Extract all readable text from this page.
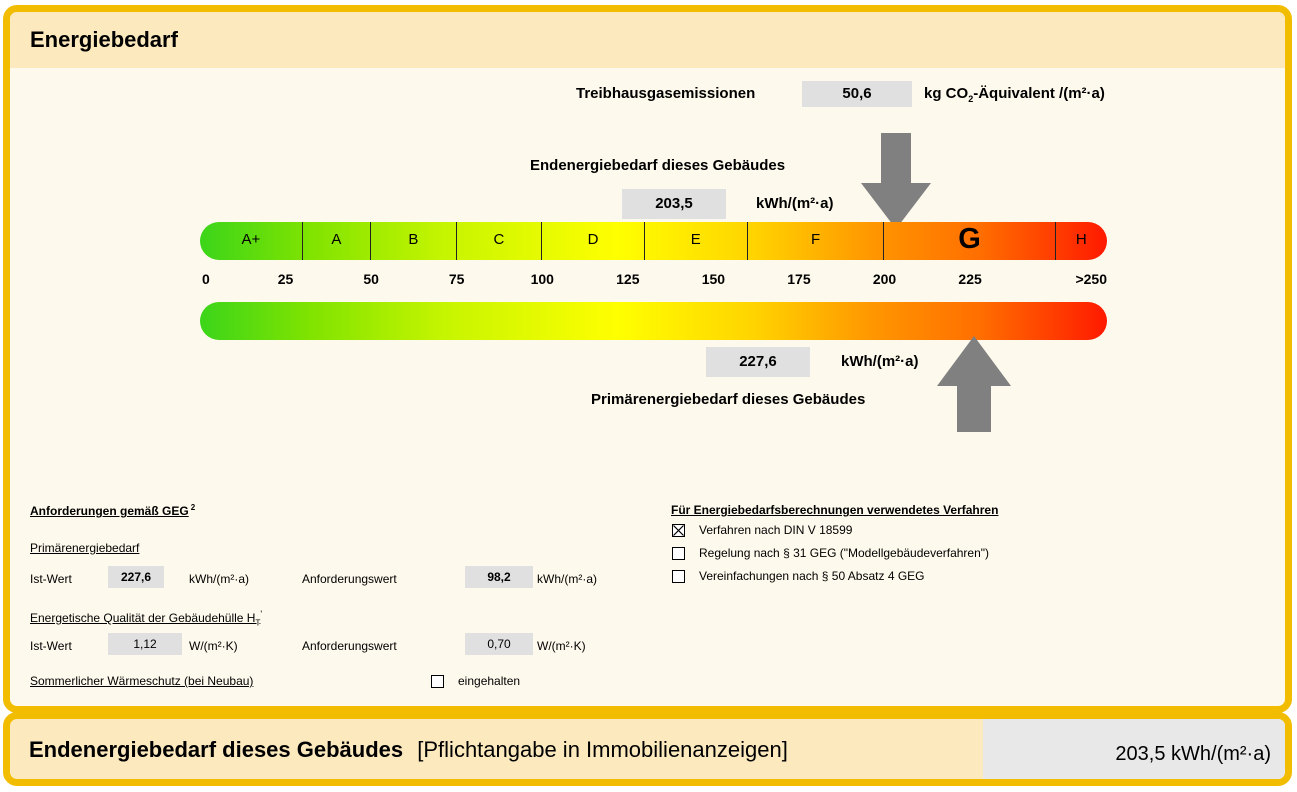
Energiebedarf
Treibhausgasemissionen	50,6	kg $CO_2$-Äquivalent /(m²·a)
Endenergiebedarf dieses Gebäudes
203,5	kWh/(m²·a)
A+	A	B	C	D	E	F	G	H
0	25	50	75	100	125	150	175	200	225	>250
227,6	kWh/(m²·a)
Primärenergiebedarf dieses Gebäudes
Anforderungen gemäß GEG $^2$
Primärenergiebedarf
Ist-Wert	227,6	kWh/(m²·a)	Anforderungswert	98,2	kWh/(m²·a)
Energetische Qualität der Gebäudehülle $H_T'$
Ist-Wert	1,12	W/(m²·K)	Anforderungswert	0,70	W/(m²·K)
Sommerlicher Wärmeschutz (bei Neubau)	eingehalten
Für Energiebedarfsberechnungen verwendetes Verfahren
Verfahren nach DIN V 18599
Regelung nach § 31 GEG ("Modellgebäudeverfahren")
Vereinfachungen nach § 50 Absatz 4 GEG
Endenergiebedarf dieses Gebäudes [Pflichtangabe in Immobilienanzeigen]	203,5 kWh/(m²·a)
